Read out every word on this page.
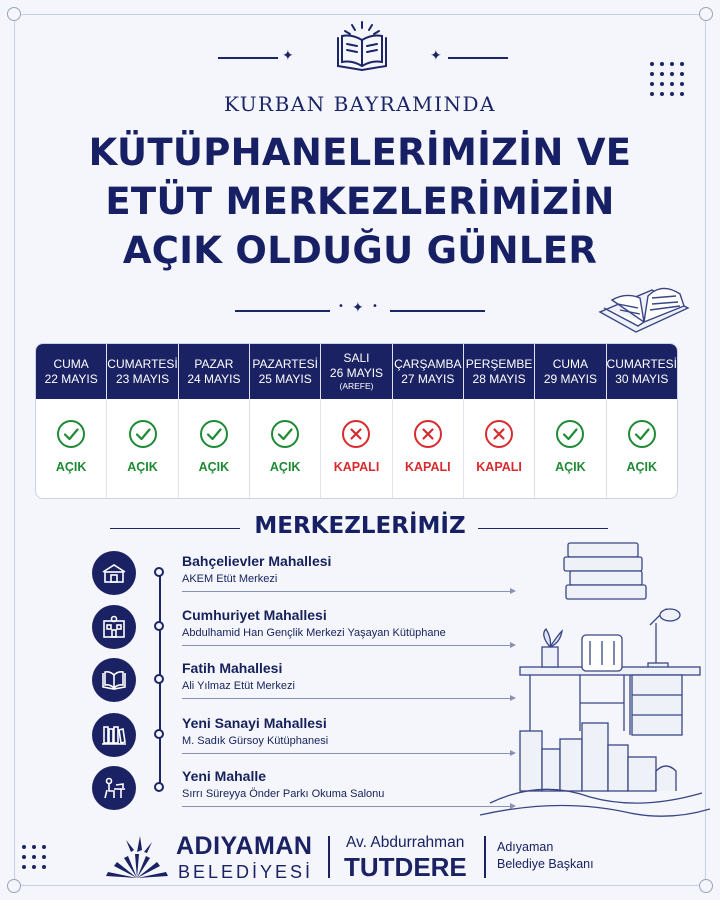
✦	✦
KURBAN BAYRAMINDA
KÜTÜPHANELERİMİZİN VE
ETÜT MERKEZLERİMİZİN
AÇIK OLDUĞU GÜNLER
• ✦ •
CUMA
22 MAYIS
AÇIK
CUMARTESİ
23 MAYIS
AÇIK
PAZAR
24 MAYIS
AÇIK
PAZARTESİ
25 MAYIS
AÇIK
SALI
26 MAYIS
(AREFE)
KAPALI
ÇARŞAMBA
27 MAYIS
KAPALI
PERŞEMBE
28 MAYIS
KAPALI
CUMA
29 MAYIS
AÇIK
CUMARTESİ
30 MAYIS
AÇIK
MERKEZLERİMİZ
Bahçelievler Mahallesi
AKEM Etüt Merkezi
Cumhuriyet Mahallesi
Abdulhamid Han Gençlik Merkezi Yaşayan Kütüphane
Fatih Mahallesi
Ali Yılmaz Etüt Merkezi
Yeni Sanayi Mahallesi
M. Sadık Gürsoy Kütüphanesi
Yeni Mahalle
Sırrı Süreyya Önder Parkı Okuma Salonu
ADIYAMAN
BELEDİYESİ
Av. Abdurrahman
TUTDERE
Adıyaman
Belediye Başkanı
